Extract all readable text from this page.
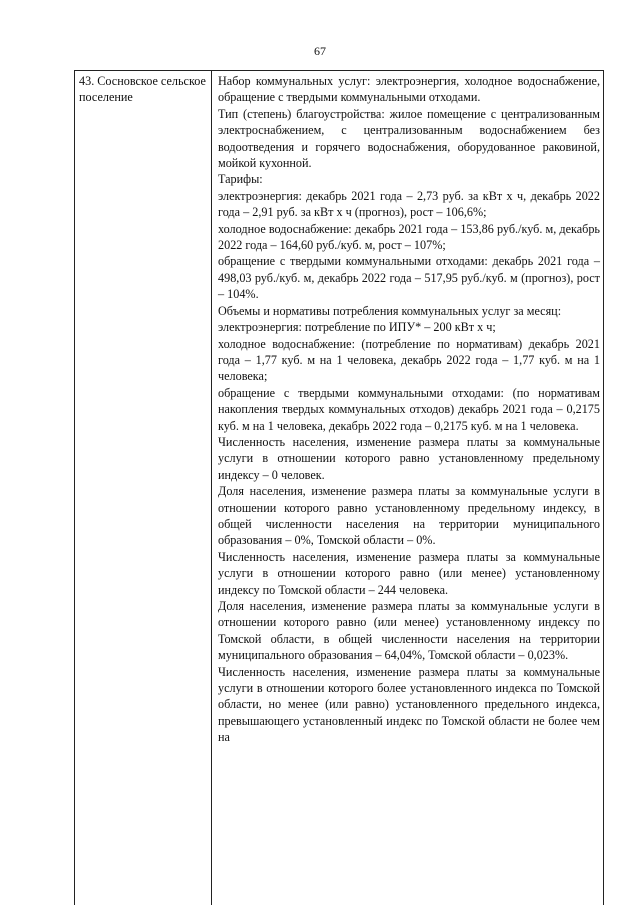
67
43. Сосновское сельское поселение

Набор коммунальных услуг: электроэнергия, холодное водоснабжение, обращение с твердыми коммунальными отходами.

Тип (степень) благоустройства: жилое помещение с централизованным электроснабжением, с централизованным водоснабжением без водоотведения и горячего водоснабжения, оборудованное раковиной, мойкой кухонной.

Тарифы:

электроэнергия: декабрь 2021 года – 2,73 руб. за кВт х ч, декабрь 2022 года – 2,91 руб. за кВт х ч (прогноз), рост – 106,6%;

холодное водоснабжение: декабрь 2021 года – 153,86 руб./куб. м, декабрь 2022 года – 164,60 руб./куб. м, рост – 107%;

обращение с твердыми коммунальными отходами: декабрь 2021 года – 498,03 руб./куб. м, декабрь 2022 года – 517,95 руб./куб. м (прогноз), рост – 104%.

Объемы и нормативы потребления коммунальных услуг за месяц:

электроэнергия: потребление по ИПУ* – 200 кВт х ч;

холодное водоснабжение: (потребление по нормативам) декабрь 2021 года – 1,77 куб. м на 1 человека, декабрь 2022 года – 1,77 куб. м на 1 человека;

обращение с твердыми коммунальными отходами: (по нормативам накопления твердых коммунальных отходов) декабрь 2021 года – 0,2175 куб. м на 1 человека, декабрь 2022 года – 0,2175 куб. м на 1 человека.

Численность населения, изменение размера платы за коммунальные услуги в отношении которого равно установленному предельному индексу – 0 человек.

Доля населения, изменение размера платы за коммунальные услуги в отношении которого равно установленному предельному индексу, в общей численности населения на территории муниципального образования – 0%, Томской области – 0%.

Численность населения, изменение размера платы за коммунальные услуги в отношении которого равно (или менее) установленному индексу по Томской области – 244 человека.

Доля населения, изменение размера платы за коммунальные услуги в отношении которого равно (или менее) установленному индексу по Томской области, в общей численности населения на территории муниципального образования – 64,04%, Томской области – 0,023%.

Численность населения, изменение размера платы за коммунальные услуги в отношении которого более установленного индекса по Томской области, но менее (или равно) установленного предельного индекса, превышающего установленный индекс по Томской области не более чем на
